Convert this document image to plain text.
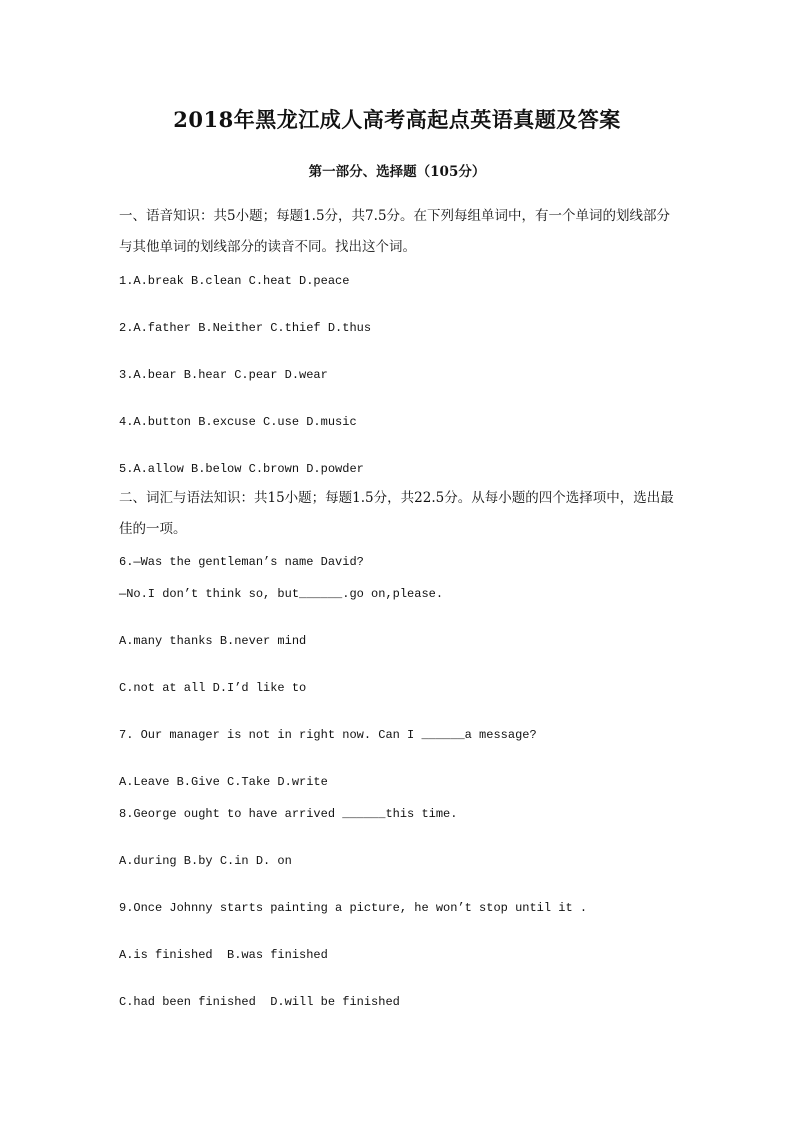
2018年黑龙江成人高考高起点英语真题及答案
第一部分、选择题（105分）
一、语音知识：共5小题；每题1.5分，共7.5分。在下列每组单词中，有一个单词的划线部分与其他单词的划线部分的读音不同。找出这个词。
1.A.break B.clean C.heat D.peace
2.A.father B.Neither C.thief D.thus
3.A.bear B.hear C.pear D.wear
4.A.button B.excuse C.use D.music
5.A.allow B.below C.brown D.powder
二、词汇与语法知识：共15小题；每题1.5分，共22.5分。从每小题的四个选择项中，选出最佳的一项。
6.—Was the gentleman’s name David?
—No.I don’t think so, but______.go on,please.
A.many thanks B.never mind
C.not at all D.I’d like to
7. Our manager is not in right now. Can I ______a message?
A.Leave B.Give C.Take D.write
8.George ought to have arrived ______this time.
A.during B.by C.in D. on
9.Once Johnny starts painting a picture, he won’t stop until it .
A.is finished  B.was finished
C.had been finished  D.will be finished
